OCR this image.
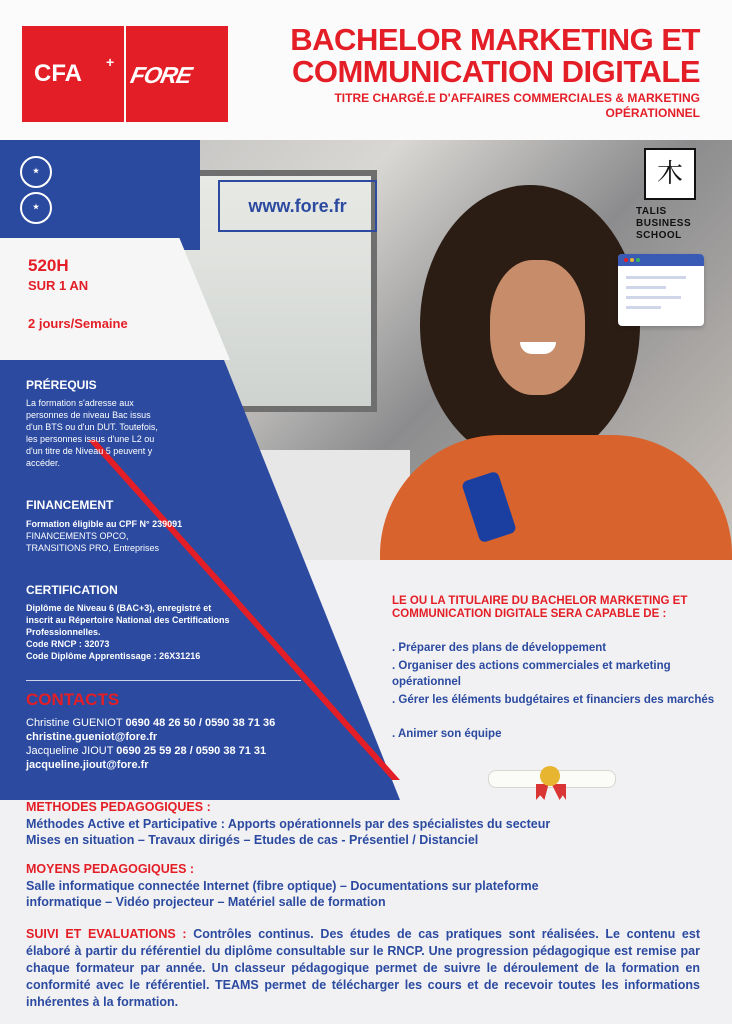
CFA + FORE
BACHELOR MARKETING ET
COMMUNICATION DIGITALE
TITRE CHARGÉ.E D'AFFAIRES COMMERCIALES & MARKETING
OPÉRATIONNEL
★
★	www.fore.fr
⽊
TALIS
BUSINESS
SCHOOL
520H
SUR 1 AN
2 jours/Semaine
PRÉREQUIS
La formation s'adresse aux
personnes de niveau Bac issus
d'un BTS ou d'un DUT. Toutefois,
les personnes issus d'une L2 ou
d'un titre de Niveau 5 peuvent y
accéder.
FINANCEMENT
Formation éligible au CPF N° 239091
FINANCEMENTS OPCO,
TRANSITIONS PRO, Entreprises
CERTIFICATION
Diplôme de Niveau 6 (BAC+3), enregistré et
inscrit au Répertoire National des Certifications
Professionnelles.
Code RNCP : 32073
Code Diplôme Apprentissage : 26X31216
CONTACTS
Christine GUENIOT 0690 48 26 50 / 0590 38 71 36
christine.gueniot@fore.fr
Jacqueline JIOUT 0690 25 59 28 / 0590 38 71 31
jacqueline.jiout@fore.fr
LE OU LA TITULAIRE DU BACHELOR MARKETING ET COMMUNICATION DIGITALE SERA CAPABLE DE :
. Préparer des plans de développement
. Organiser des actions commerciales et marketing opérationnel
. Gérer les éléments budgétaires et financiers des marchés
. Animer son équipe
METHODES PEDAGOGIQUES :
Méthodes Active et Participative : Apports opérationnels par des spécialistes du secteur
Mises en situation – Travaux dirigés – Etudes de cas - Présentiel / Distanciel
MOYENS PEDAGOGIQUES :
Salle informatique connectée Internet (fibre optique) – Documentations sur plateforme
informatique – Vidéo projecteur – Matériel salle de formation
SUIVI ET EVALUATIONS : Contrôles continus. Des études de cas pratiques sont réalisées. Le contenu est élaboré à partir du référentiel du diplôme consultable sur le RNCP. Une progression pédagogique est remise par chaque formateur par année. Un classeur pédagogique permet de suivre le déroulement de la formation en conformité avec le référentiel. TEAMS permet de télécharger les cours et de recevoir toutes les informations inhérentes à la formation.
